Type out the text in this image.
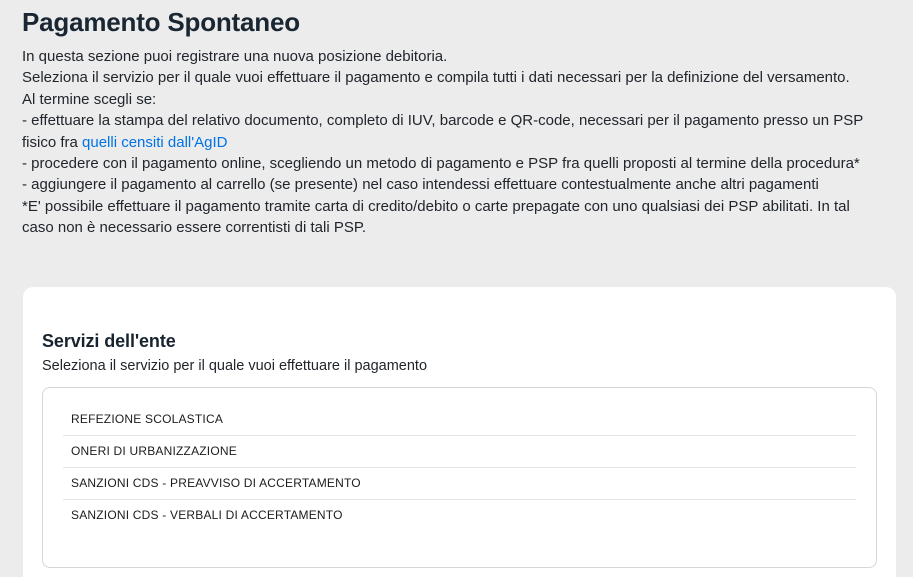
Pagamento Spontaneo
In questa sezione puoi registrare una nuova posizione debitoria.
Seleziona il servizio per il quale vuoi effettuare il pagamento e compila tutti i dati necessari per la definizione del versamento.
Al termine scegli se:
- effettuare la stampa del relativo documento, completo di IUV, barcode e QR-code, necessari per il pagamento presso un PSP
fisico fra quelli censiti dall'AgID
- procedere con il pagamento online, scegliendo un metodo di pagamento e PSP fra quelli proposti al termine della procedura*
- aggiungere il pagamento al carrello (se presente) nel caso intendessi effettuare contestualmente anche altri pagamenti
*E' possibile effettuare il pagamento tramite carta di credito/debito o carte prepagate con uno qualsiasi dei PSP abilitati. In tal
caso non è necessario essere correntisti di tali PSP.
Servizi dell'ente
Seleziona il servizio per il quale vuoi effettuare il pagamento
REFEZIONE SCOLASTICA
ONERI DI URBANIZZAZIONE
SANZIONI CDS - PREAVVISO DI ACCERTAMENTO
SANZIONI CDS - VERBALI DI ACCERTAMENTO
